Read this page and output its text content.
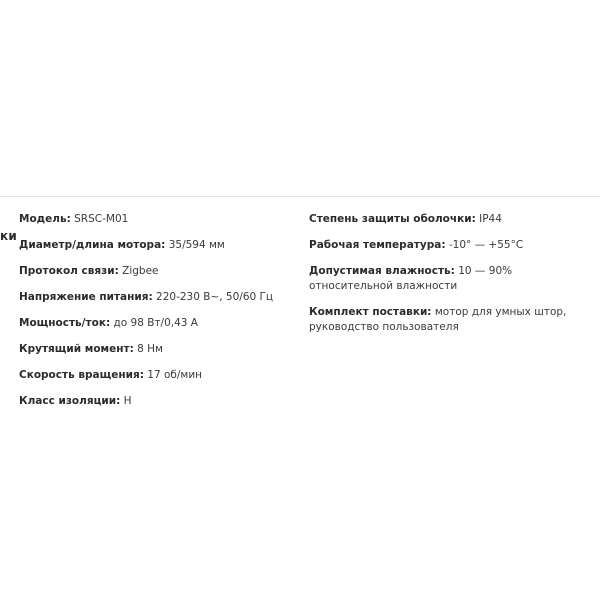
ки
Модель: SRSC-M01
Диаметр/длина мотора: 35/594 мм
Протокол связи: Zigbee
Напряжение питания: 220-230 В~, 50/60 Гц
Мощность/ток: до 98 Вт/0,43 А
Крутящий момент: 8 Нм
Скорость вращения: 17 об/мин
Класс изоляции: H
Степень защиты оболочки: IP44
Рабочая температура: -10° — +55°C
Допустимая влажность: 10 — 90% относительной влажности
Комплект поставки: мотор для умных штор, руководство пользователя
